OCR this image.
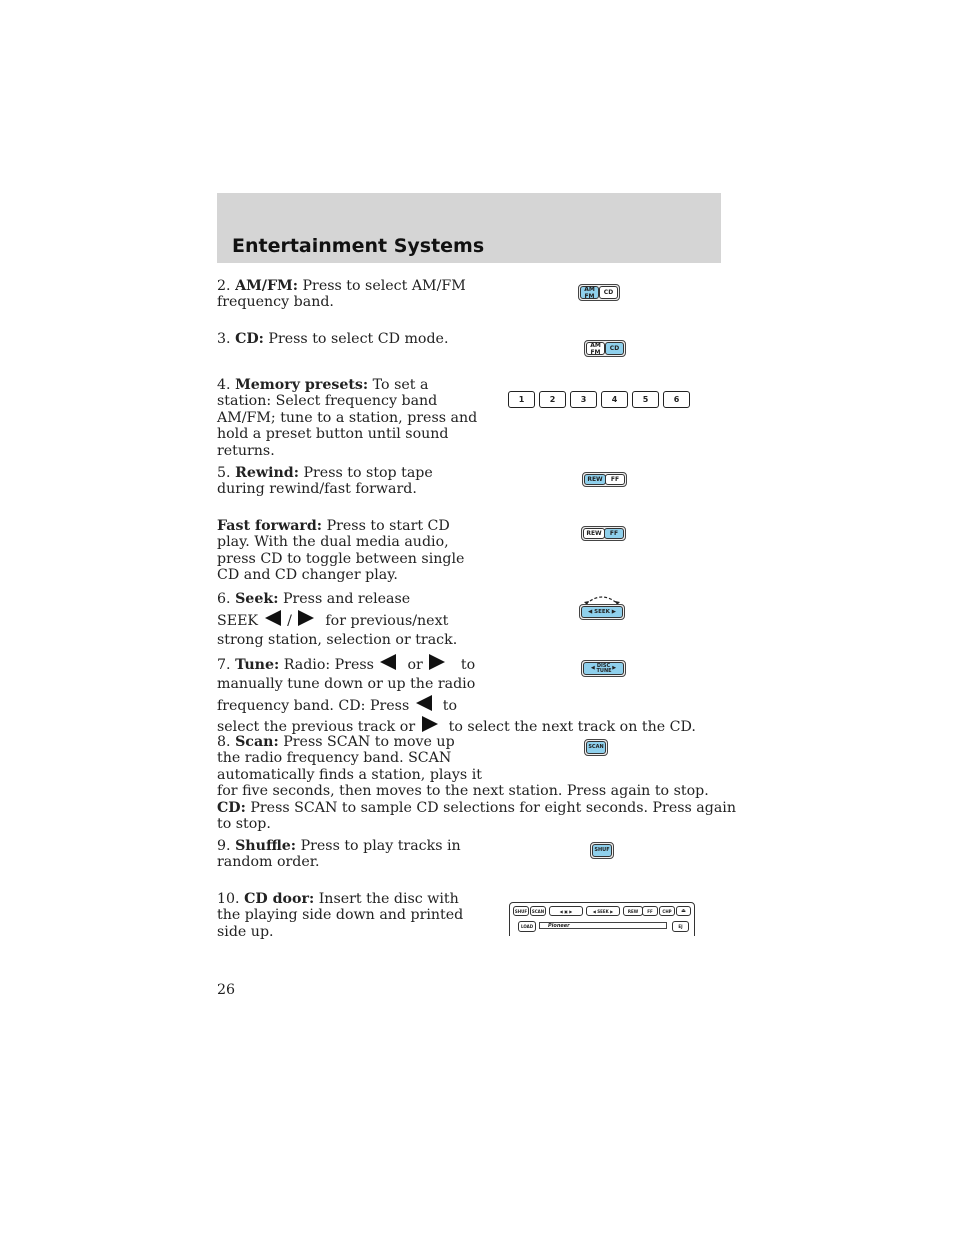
Entertainment Systems
2. AM/FM: Press to select AM/FM
frequency band.
AM FM	CD
3. CD: Press to select CD mode.	AM FM	CD
4. Memory presets: To set a
station: Select frequency band
AM/FM; tune to a station, press and
hold a preset button until sound
returns.
1	2	3	4	5	6
5. Rewind: Press to stop tape
during rewind/fast forward.
REW	FF
Fast forward: Press to start CD
play. With the dual media audio,
press CD to toggle between single
CD and CD changer play.
REW	FF
6. Seek: Press and release
SEEK / for previous/next
strong station, selection or track.
◀ SEEK ▶
7. Tune: Radio: Press or	to
manually tune down or up the radio
frequency band. CD: Press to
select the previous track or to select the next track on the CD.
◀ DISC TUNE
▶
8. Scan: Press SCAN to move up
the radio frequency band. SCAN
automatically finds a station, plays it
for five seconds, then moves to the next station. Press again to stop.
CD: Press SCAN to sample CD selections for eight seconds. Press again
to stop.
SCAN
9. Shuffle: Press to play tracks in
random order.
SHUF
10. CD door: Insert the disc with
the playing side down and printed
side up.
SHUF	SCAN	◀ ▣ ▶	◀ SEEK ▶	REW	FF	CHP	⏏
LOAD	Pioneer	EJ
26
